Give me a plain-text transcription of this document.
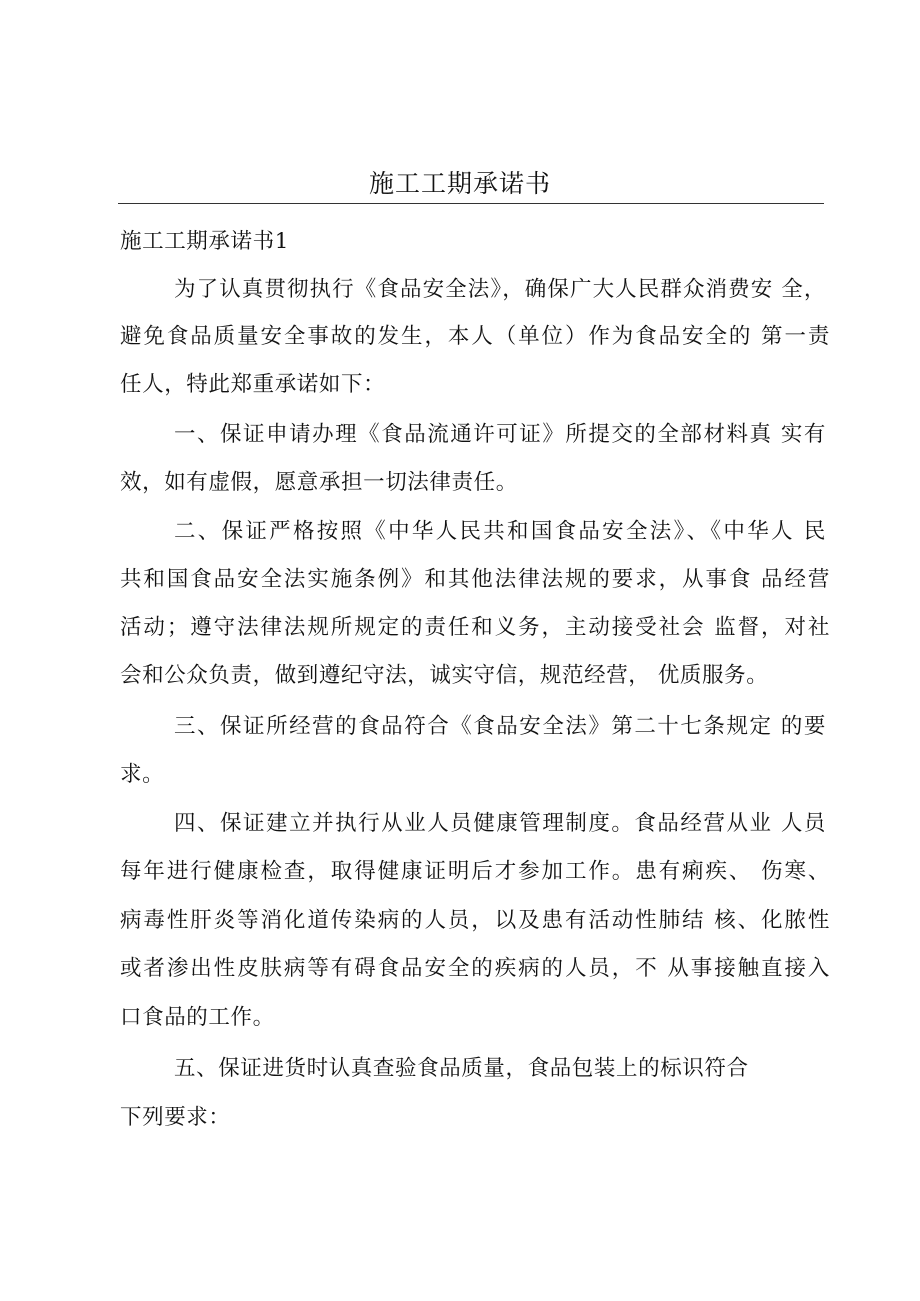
施工工期承诺书
施工工期承诺书1
为了认真贯彻执行《食品安全法》，确保广大人民群众消费安 全，
避免食品质量安全事故的发生，本人（单位）作为食品安全的 第一责
任人，特此郑重承诺如下：
一、保证申请办理《食品流通许可证》所提交的全部材料真 实有
效，如有虚假，愿意承担一切法律责任。
二、保证严格按照《中华人民共和国食品安全法》、《中华人 民
共和国食品安全法实施条例》和其他法律法规的要求，从事食 品经营
活动；遵守法律法规所规定的责任和义务，主动接受社会 监督，对社
会和公众负责，做到遵纪守法，诚实守信，规范经营， 优质服务。
三、保证所经营的食品符合《食品安全法》第二十七条规定 的要
求。
四、保证建立并执行从业人员健康管理制度。食品经营从业 人员
每年进行健康检查，取得健康证明后才参加工作。患有痢疾、 伤寒、
病毒性肝炎等消化道传染病的人员，以及患有活动性肺结 核、化脓性
或者渗出性皮肤病等有碍食品安全的疾病的人员，不 从事接触直接入
口食品的工作。
五、保证进货时认真查验食品质量，食品包装上的标识符合
下列要求：
